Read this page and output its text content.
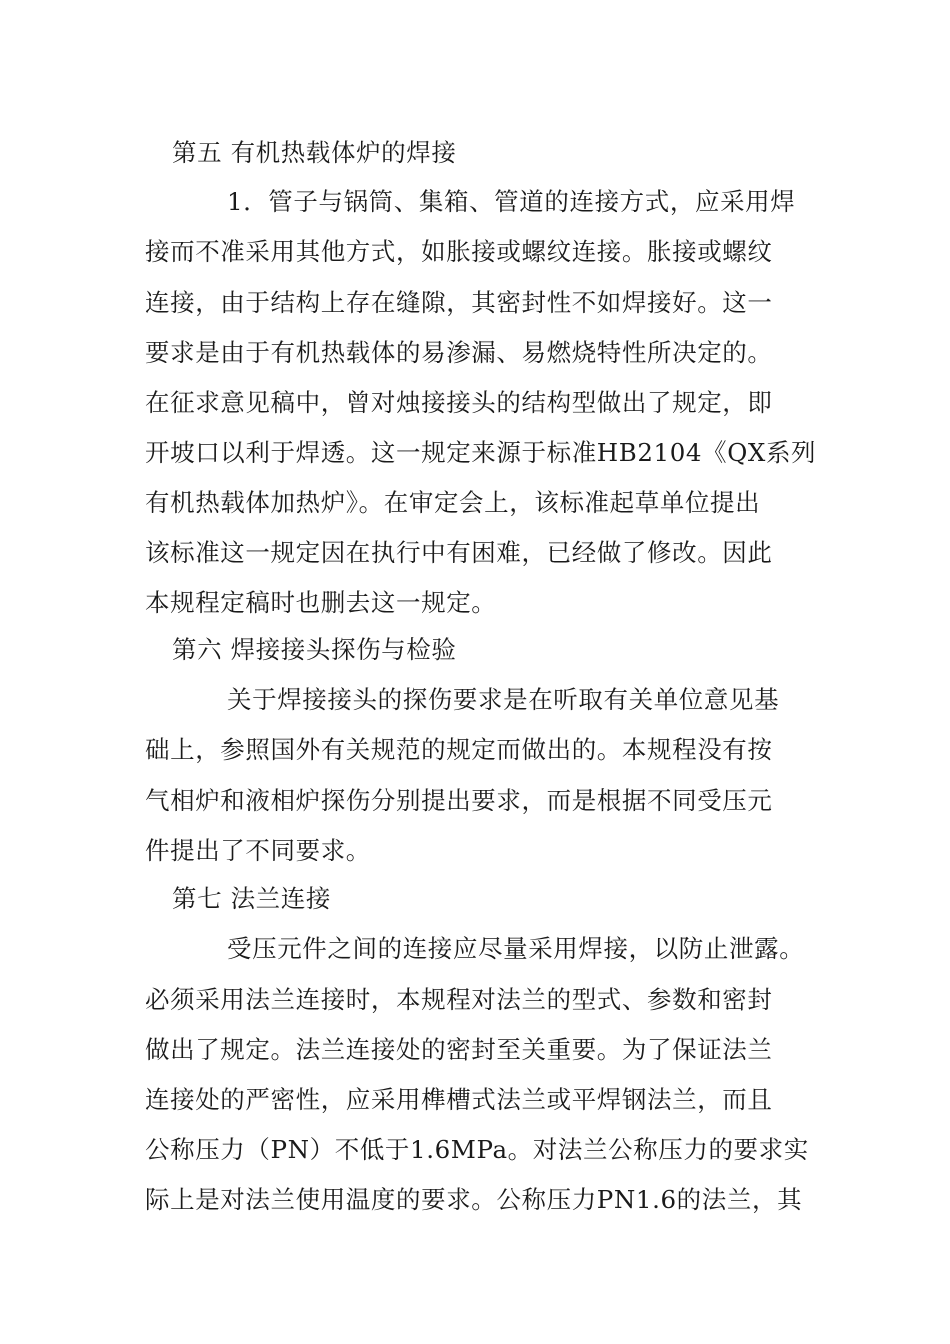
第五 有机热载体炉的焊接
1．管子与锅筒、集箱、管道的连接方式，应采用焊
接而不准采用其他方式，如胀接或螺纹连接。胀接或螺纹
连接，由于结构上存在缝隙，其密封性不如焊接好。这一
要求是由于有机热载体的易渗漏、易燃烧特性所决定的。
在征求意见稿中，曾对烛接接头的结构型做出了规定，即
开坡口以利于焊透。这一规定来源于标准HB2104《QX系列
有机热载体加热炉》。在审定会上，该标准起草单位提出
该标准这一规定因在执行中有困难，已经做了修改。因此
本规程定稿时也删去这一规定。
第六 焊接接头探伤与检验
关于焊接接头的探伤要求是在听取有关单位意见基
础上，参照国外有关规范的规定而做出的。本规程没有按
气相炉和液相炉探伤分别提出要求，而是根据不同受压元
件提出了不同要求。
第七 法兰连接
受压元件之间的连接应尽量采用焊接，以防止泄露。
必须采用法兰连接时，本规程对法兰的型式、参数和密封
做出了规定。法兰连接处的密封至关重要。为了保证法兰
连接处的严密性，应采用榫槽式法兰或平焊钢法兰，而且
公称压力（PN）不低于1.6MPa。对法兰公称压力的要求实
际上是对法兰使用温度的要求。公称压力PN1.6的法兰，其
